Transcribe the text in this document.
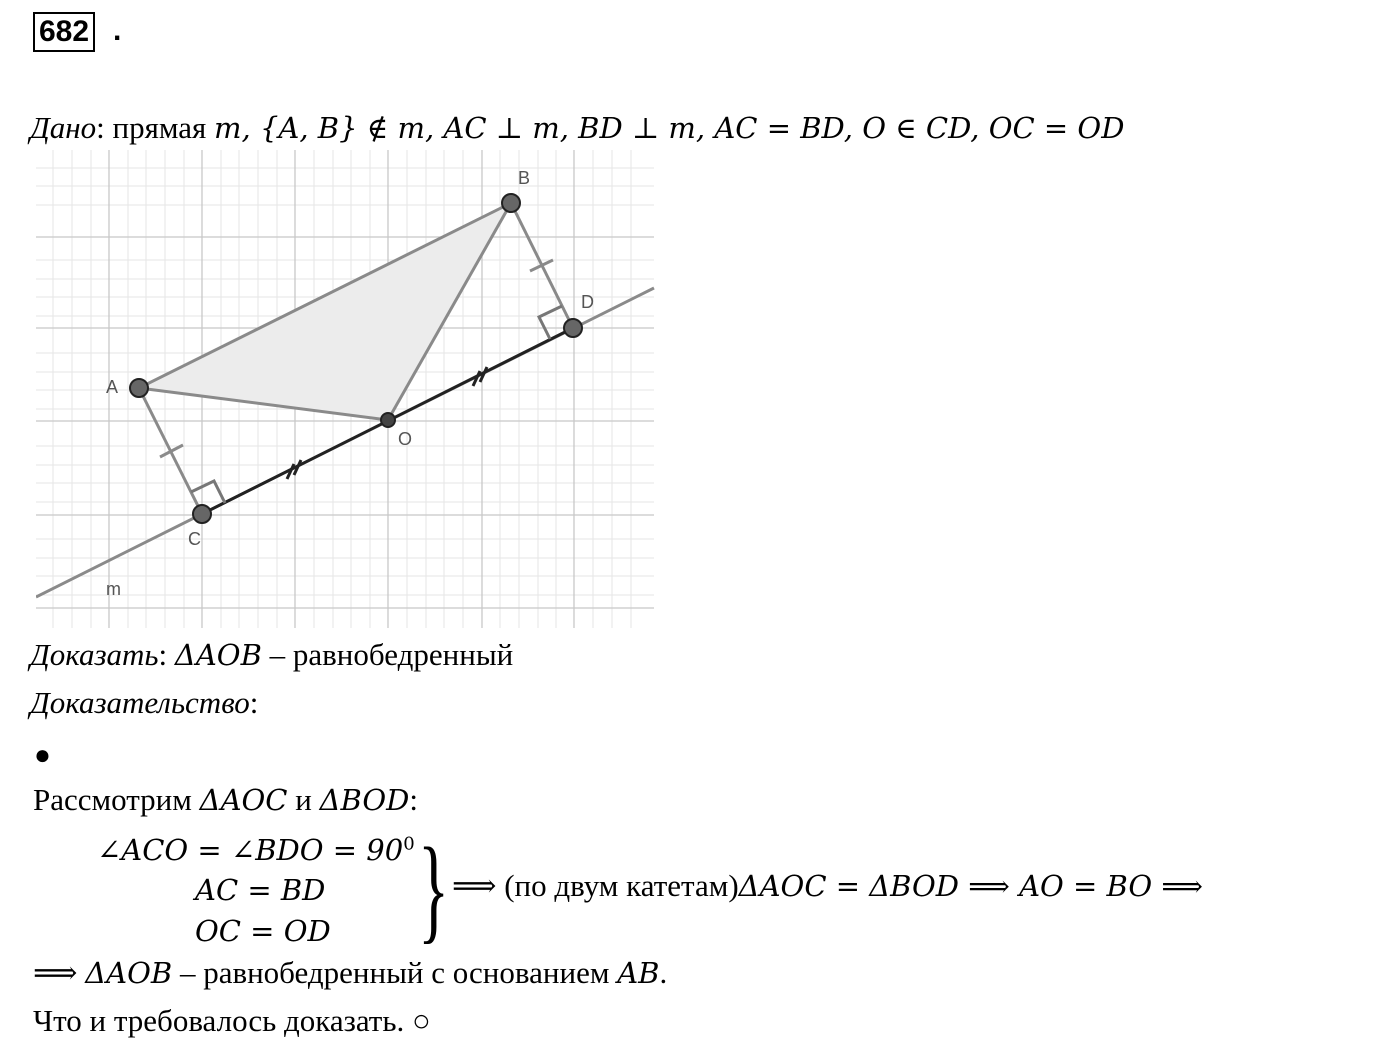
682 .
Дано: прямая m, {A, B} ∉ m, AC ⊥ m, BD ⊥ m, AC = BD, O ∈ CD, OC = OD
A
B
C
D
O
m
Доказать: ΔAOB – равнобедренный
Доказательство:
●
Рассмотрим ΔAOC и ΔBOD:
∠ACO = ∠BDO = $90^0$
AC = BD
OC = OD } ⟹ (по двум катетам)ΔAOC = ΔBOD ⟹ AO = BO ⟹
⟹ ΔAOB – равнобедренный с основанием AB.
Что и требовалось доказать. ○
